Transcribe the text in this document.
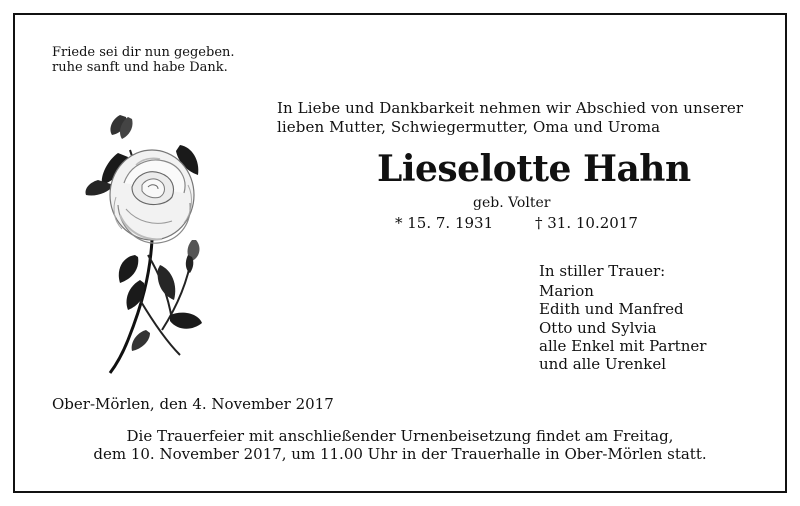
Friede sei dir nun gegeben.
ruhe sanft und habe Dank.
In Liebe und Dankbarkeit nehmen wir Abschied von unserer
lieben Mutter, Schwiegermutter, Oma und Uroma
Lieselotte Hahn
geb. Volter
* 15. 7. 1931	† 31. 10.2017
In stiller Trauer:
Marion
Edith und Manfred
Otto und Sylvia
alle Enkel mit Partner
und alle Urenkel
Ober-Mörlen, den 4. November 2017
Die Trauerfeier mit anschließender Urnenbeisetzung findet am Freitag,
dem 10. November 2017, um 11.00 Uhr in der Trauerhalle in Ober-Mörlen statt.
